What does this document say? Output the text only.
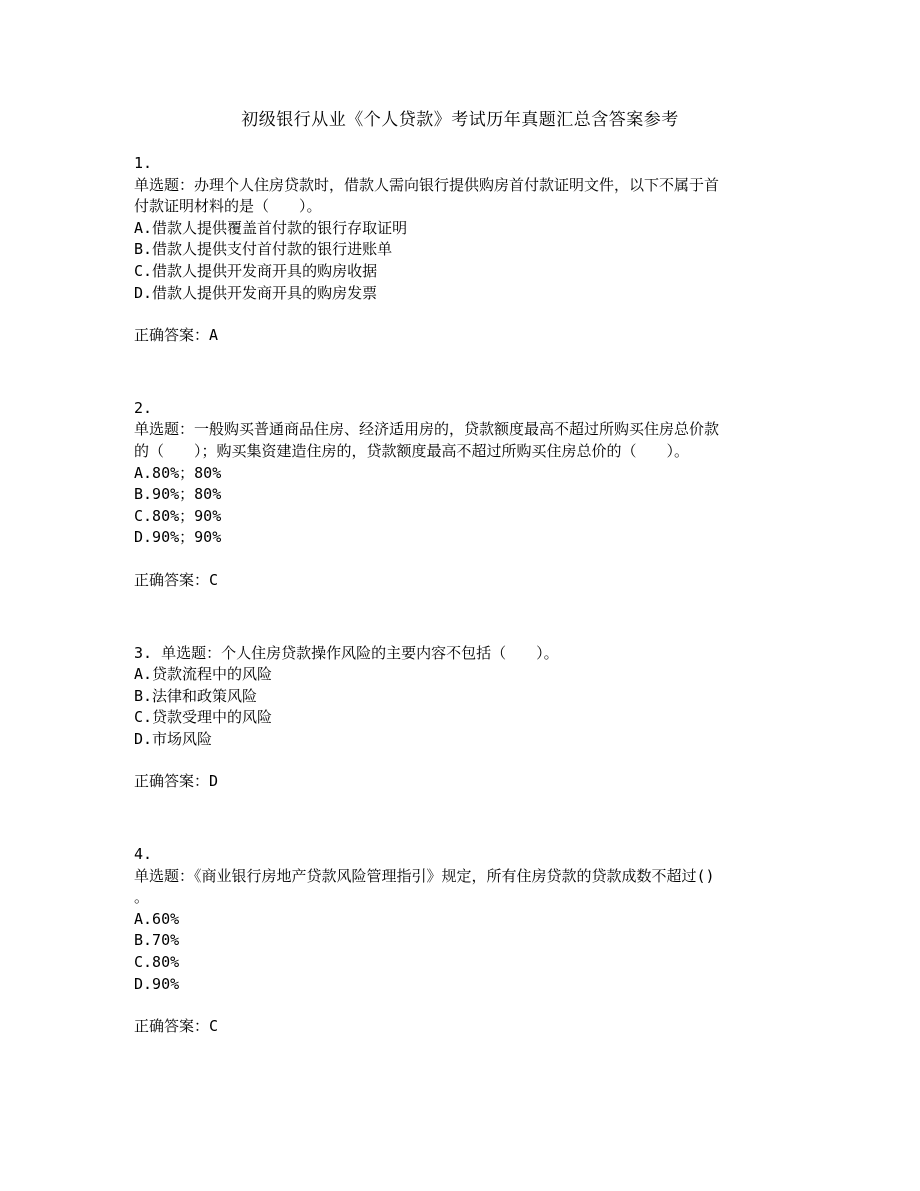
初级银行从业《个人贷款》考试历年真题汇总含答案参考
1.
单选题：办理个人住房贷款时，借款人需向银行提供购房首付款证明文件，以下不属于首
付款证明材料的是（　　）。
A.借款人提供覆盖首付款的银行存取证明
B.借款人提供支付首付款的银行进账单
C.借款人提供开发商开具的购房收据
D.借款人提供开发商开具的购房发票
正确答案：A
2.
单选题：一般购买普通商品住房、经济适用房的，贷款额度最高不超过所购买住房总价款
的（　　）；购买集资建造住房的，贷款额度最高不超过所购买住房总价的（　　）。
A.80%；80%
B.90%；80%
C.80%；90%
D.90%；90%
正确答案：C
3. 单选题：个人住房贷款操作风险的主要内容不包括（　　）。
A.贷款流程中的风险
B.法律和政策风险
C.贷款受理中的风险
D.市场风险
正确答案：D
4.
单选题：《商业银行房地产贷款风险管理指引》规定，所有住房贷款的贷款成数不超过()
。
A.60%
B.70%
C.80%
D.90%
正确答案：C
